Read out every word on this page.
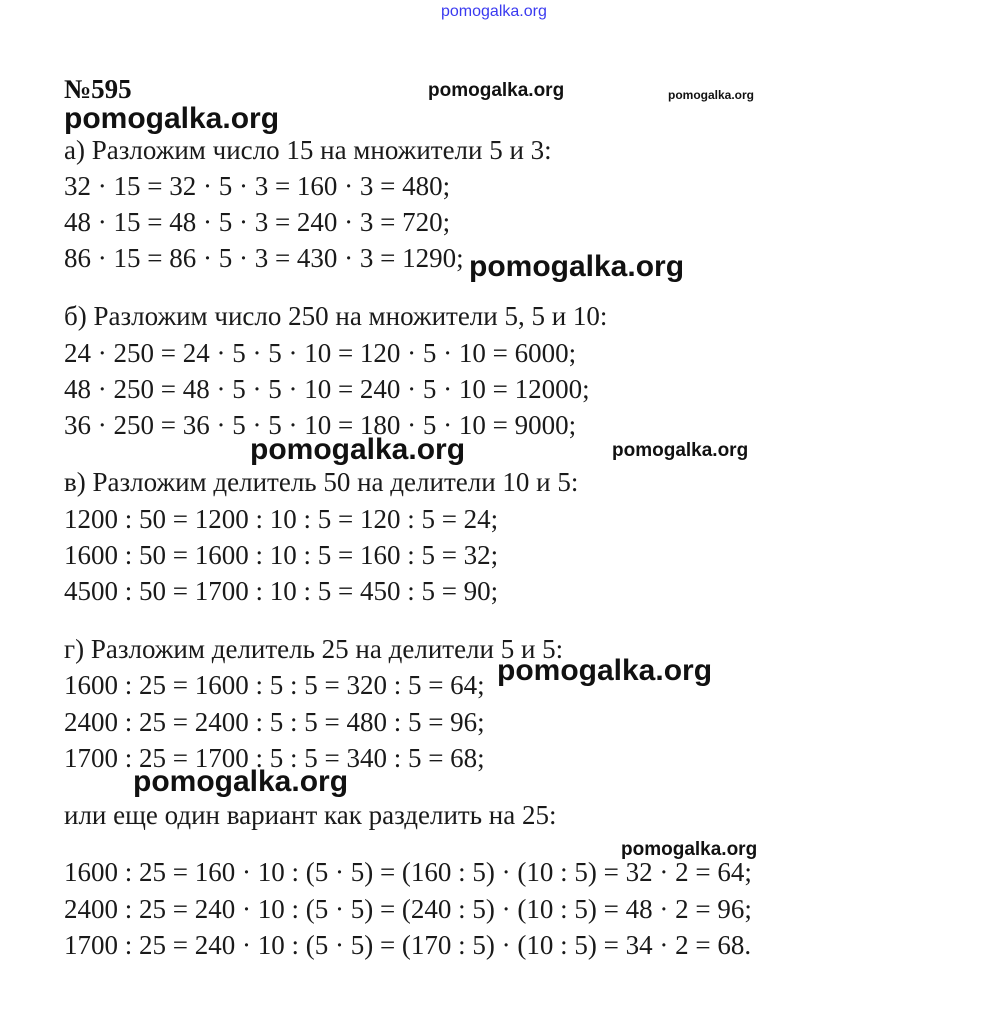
pomogalka.org
pomogalka.org	pomogalka.org
pomogalka.org
pomogalka.org
pomogalka.org	pomogalka.org
pomogalka.org
pomogalka.org
pomogalka.org
№595
а) Разложим число 15 на множители 5 и 3:
32 · 15 = 32 · 5 · 3 = 160 · 3 = 480;
48 · 15 = 48 · 5 · 3 = 240 · 3 = 720;
86 · 15 = 86 · 5 · 3 = 430 · 3 = 1290;
б) Разложим число 250 на множители 5, 5 и 10:
24 · 250 = 24 · 5 · 5 · 10 = 120 · 5 · 10 = 6000;
48 · 250 = 48 · 5 · 5 · 10 = 240 · 5 · 10 = 12000;
36 · 250 = 36 · 5 · 5 · 10 = 180 · 5 · 10 = 9000;
в) Разложим делитель 50 на делители 10 и 5:
1200 : 50 = 1200 : 10 : 5 = 120 : 5 = 24;
1600 : 50 = 1600 : 10 : 5 = 160 : 5 = 32;
4500 : 50 = 1700 : 10 : 5 = 450 : 5 = 90;
г) Разложим делитель 25 на делители 5 и 5:
1600 : 25 = 1600 : 5 : 5 = 320 : 5 = 64;
2400 : 25 = 2400 : 5 : 5 = 480 : 5 = 96;
1700 : 25 = 1700 : 5 : 5 = 340 : 5 = 68;
или еще один вариант как разделить на 25:
1600 : 25 = 160 · 10 : (5 · 5) = (160 : 5) · (10 : 5) = 32 · 2 = 64;
2400 : 25 = 240 · 10 : (5 · 5) = (240 : 5) · (10 : 5) = 48 · 2 = 96;
1700 : 25 = 240 · 10 : (5 · 5) = (170 : 5) · (10 : 5) = 34 · 2 = 68.
